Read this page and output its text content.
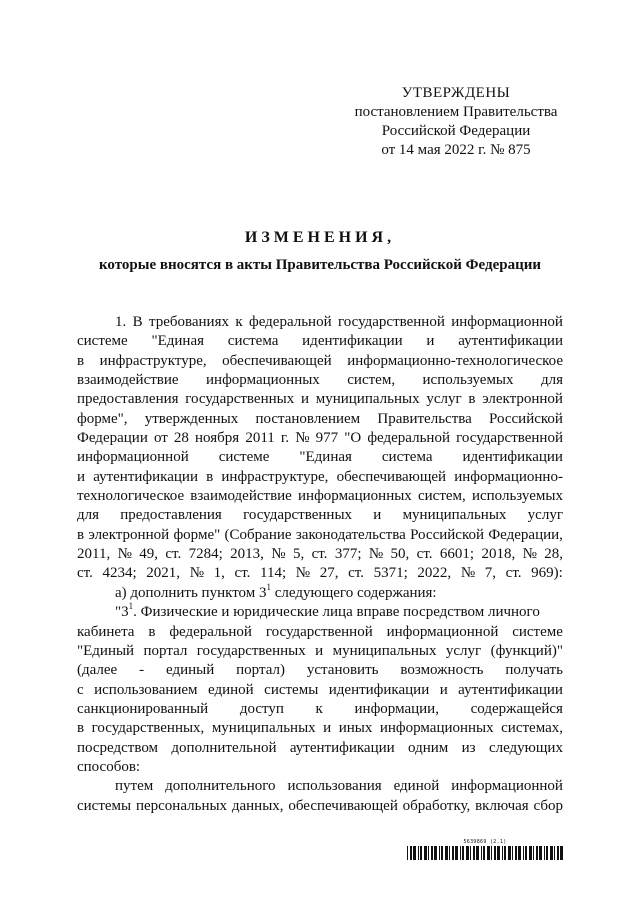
УТВЕРЖДЕНЫ
постановлением Правительства
Российской Федерации
от 14 мая 2022 г. № 875
ИЗМЕНЕНИЯ,
которые вносятся в акты Правительства Российской Федерации
1. В требованиях к федеральной государственной информационной
системе "Единая система идентификации и аутентификации
в инфраструктуре, обеспечивающей информационно-технологическое
взаимодействие информационных систем, используемых для
предоставления государственных и муниципальных услуг в электронной
форме", утвержденных постановлением Правительства Российской
Федерации от 28 ноября 2011 г. № 977 "О федеральной государственной
информационной системе "Единая система идентификации
и аутентификации в инфраструктуре, обеспечивающей информационно-
технологическое взаимодействие информационных систем, используемых
для предоставления государственных и муниципальных услуг
в электронной форме" (Собрание законодательства Российской Федерации,
2011, № 49, ст. 7284; 2013, № 5, ст. 377; № 50, ст. 6601; 2018, № 28,
ст. 4234; 2021, № 1, ст. 114; № 27, ст. 5371; 2022, № 7, ст. 969):
а) дополнить пунктом $3^1$ следующего содержания:
"$3^1$. Физические и юридические лица вправе посредством личного
кабинета в федеральной государственной информационной системе
"Единый портал государственных и муниципальных услуг (функций)"
(далее - единый портал) установить возможность получать
с использованием единой системы идентификации и аутентификации
санкционированный доступ к информации, содержащейся
в государственных, муниципальных и иных информационных системах,
посредством дополнительной аутентификации одним из следующих
способов:
путем дополнительного использования единой информационной
системы персональных данных, обеспечивающей обработку, включая сбор
5639869 (2.1)
